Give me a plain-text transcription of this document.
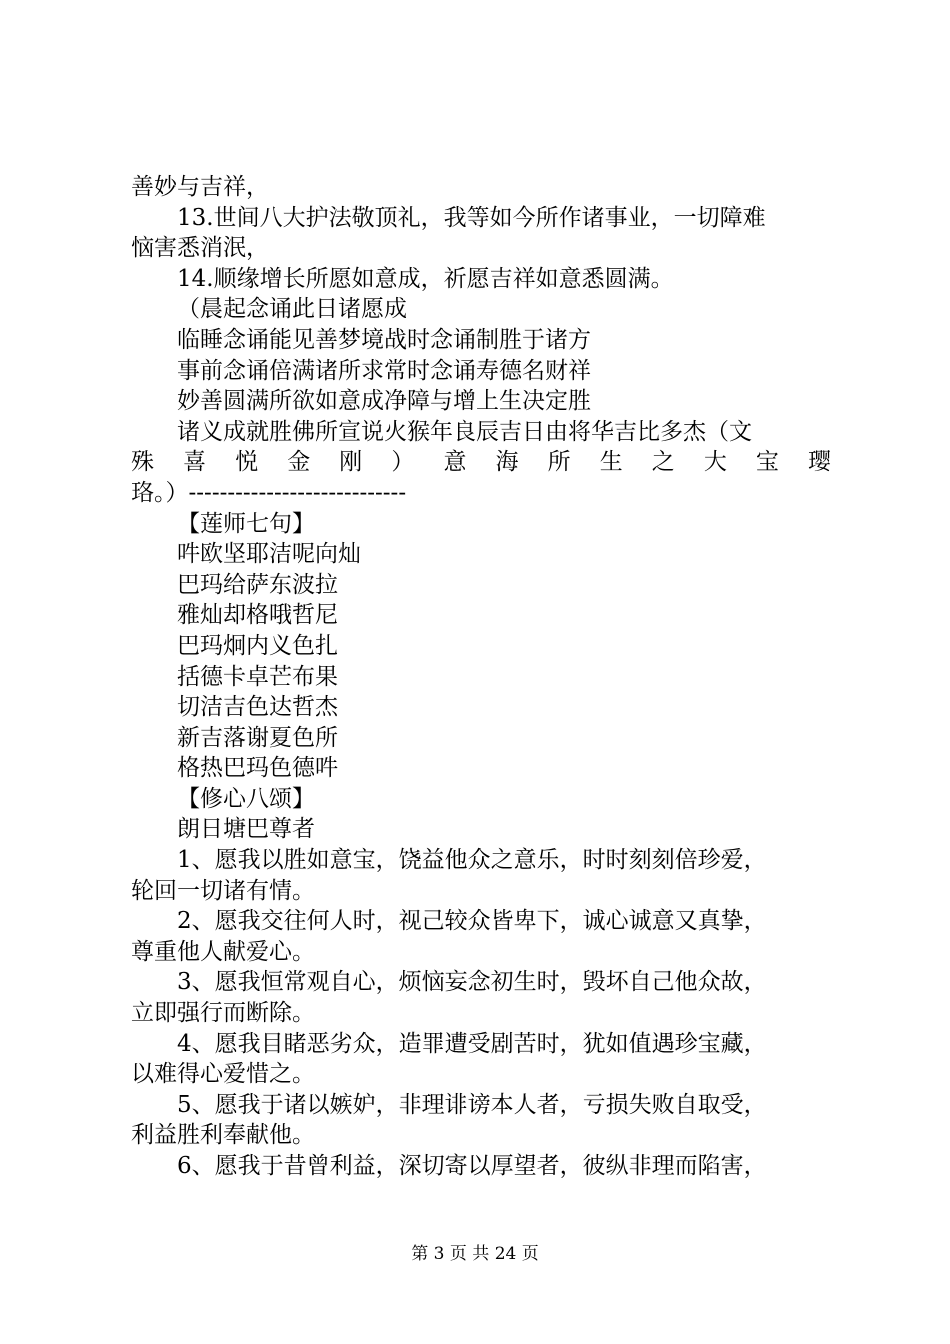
善妙与吉祥，
13.世间八大护法敬顶礼，我等如今所作诸事业，一切障难
恼害悉消泯，
14.顺缘增长所愿如意成，祈愿吉祥如意悉圆满。
（晨起念诵此日诸愿成
临睡念诵能见善梦境战时念诵制胜于诸方
事前念诵倍满诸所求常时念诵寿德名财祥
妙善圆满所欲如意成净障与增上生决定胜
诸义成就胜佛所宣说火猴年良辰吉日由将华吉比多杰（文
殊喜悦金刚）意海所生之大宝璎
珞。）----------------------------
【莲师七句】
吽欧坚耶洁呢向灿
巴玛给萨东波拉
雅灿却格哦哲尼
巴玛炯内义色扎
括德卡卓芒布果
切洁吉色达哲杰
新吉落谢夏色所
格热巴玛色德吽
【修心八颂】
朗日塘巴尊者
1、愿我以胜如意宝，饶益他众之意乐，时时刻刻倍珍爱，
轮回一切诸有情。
2、愿我交往何人时，视己较众皆卑下，诚心诚意又真挚，
尊重他人献爱心。
3、愿我恒常观自心，烦恼妄念初生时，毁坏自己他众故，
立即强行而断除。
4、愿我目睹恶劣众，造罪遭受剧苦时，犹如值遇珍宝藏，
以难得心爱惜之。
5、愿我于诸以嫉妒，非理诽谤本人者，亏损失败自取受，
利益胜利奉献他。
6、愿我于昔曾利益，深切寄以厚望者，彼纵非理而陷害，
第 3 页 共 24 页
